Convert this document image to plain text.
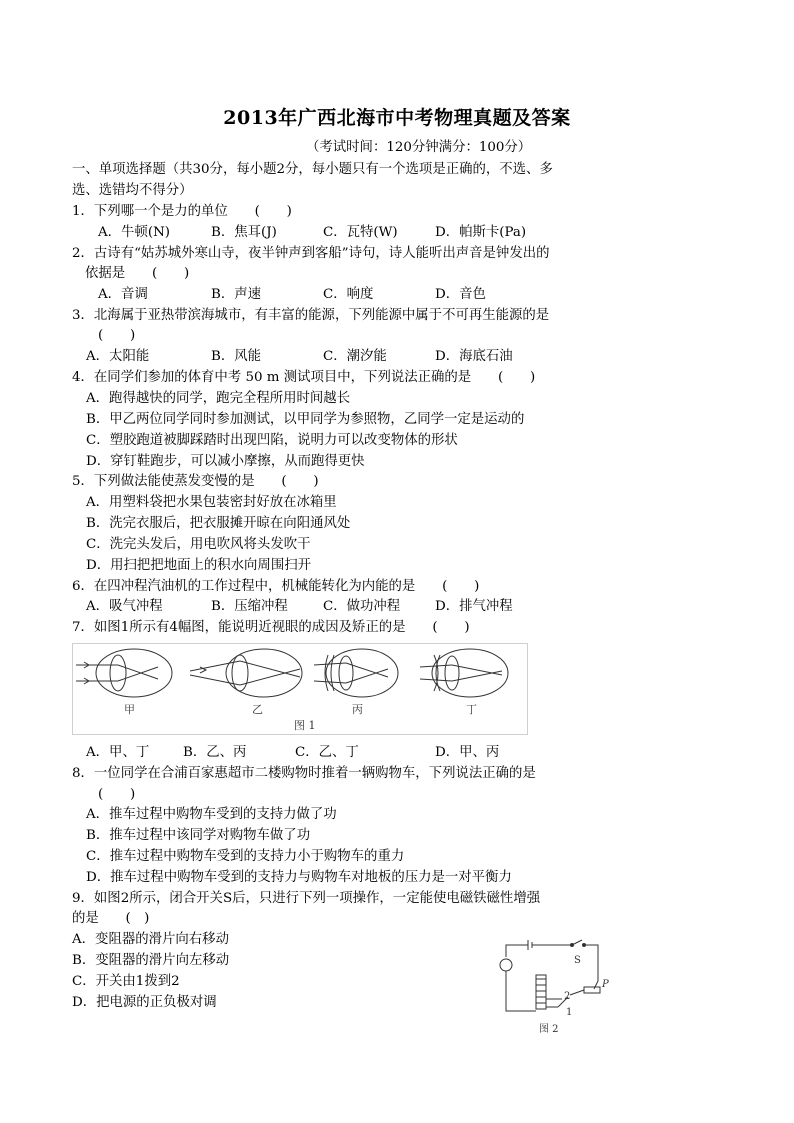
2013年广西北海市中考物理真题及答案
（考试时间：120分钟满分：100分）
一、单项选择题（共30分，每小题2分，每小题只有一个选项是正确的，不选、多
选、选错均不得分）
1．下列哪一个是力的单位　　(　　)
A．牛顿(N)	B．焦耳(J)	C．瓦特(W)	D．帕斯卡(Pa)
2．古诗有“姑苏城外寒山寺，夜半钟声到客船”诗句，诗人能听出声音是钟发出的
依据是　　(　　)
A．音调	B．声速	C．响度	D．音色
3．北海属于亚热带滨海城市，有丰富的能源，下列能源中属于不可再生能源的是
(　　)
A．太阳能	B．风能	C．潮汐能	D．海底石油
4．在同学们参加的体育中考 50 m 测试项目中，下列说法正确的是　　(　　)
A．跑得越快的同学，跑完全程所用时间越长
B．甲乙两位同学同时参加测试，以甲同学为参照物，乙同学一定是运动的
C．塑胶跑道被脚踩踏时出现凹陷，说明力可以改变物体的形状
D．穿钉鞋跑步，可以减小摩擦，从而跑得更快
5．下列做法能使蒸发变慢的是　　(　　)
A．用塑料袋把水果包装密封好放在冰箱里
B．洗完衣服后，把衣服摊开晾在向阳通风处
C．洗完头发后，用电吹风将头发吹干
D．用扫把把地面上的积水向周围扫开
6．在四冲程汽油机的工作过程中，机械能转化为内能的是　　(　　)
A．吸气冲程	B．压缩冲程	C．做功冲程	D．排气冲程
7．如图1所示有4幅图，能说明近视眼的成因及矫正的是　　(　　)
甲	乙	丙	丁
图 1
A．甲、丁	B．乙、丙	C．乙、丁	D．甲、丙
8．一位同学在合浦百家惠超市二楼购物时推着一辆购物车，下列说法正确的是
(　　)
A．推车过程中购物车受到的支持力做了功
B．推车过程中该同学对购物车做了功
C．推车过程中购物车受到的支持力小于购物车的重力
D．推车过程中购物车受到的支持力与购物车对地板的压力是一对平衡力
9．如图2所示，闭合开关S后，只进行下列一项操作，一定能使电磁铁磁性增强
的是　　(　)
A．变阻器的滑片向右移动
B．变阻器的滑片向左移动
C．开关由1拨到2
D．把电源的正负极对调
S
P
2
1
图 2
